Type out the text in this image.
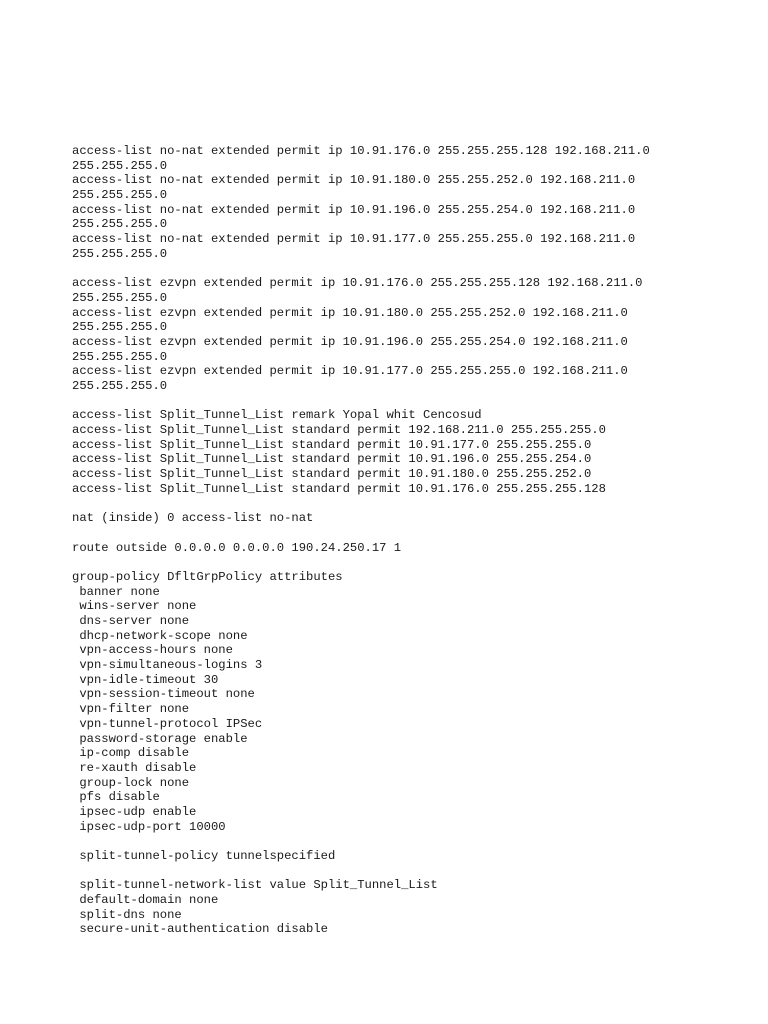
access-list no-nat extended permit ip 10.91.176.0 255.255.255.128 192.168.211.0
255.255.255.0
access-list no-nat extended permit ip 10.91.180.0 255.255.252.0 192.168.211.0
255.255.255.0
access-list no-nat extended permit ip 10.91.196.0 255.255.254.0 192.168.211.0
255.255.255.0
access-list no-nat extended permit ip 10.91.177.0 255.255.255.0 192.168.211.0
255.255.255.0
access-list ezvpn extended permit ip 10.91.176.0 255.255.255.128 192.168.211.0
255.255.255.0
access-list ezvpn extended permit ip 10.91.180.0 255.255.252.0 192.168.211.0
255.255.255.0
access-list ezvpn extended permit ip 10.91.196.0 255.255.254.0 192.168.211.0
255.255.255.0
access-list ezvpn extended permit ip 10.91.177.0 255.255.255.0 192.168.211.0
255.255.255.0
access-list Split_Tunnel_List remark Yopal whit Cencosud
access-list Split_Tunnel_List standard permit 192.168.211.0 255.255.255.0
access-list Split_Tunnel_List standard permit 10.91.177.0 255.255.255.0
access-list Split_Tunnel_List standard permit 10.91.196.0 255.255.254.0
access-list Split_Tunnel_List standard permit 10.91.180.0 255.255.252.0
access-list Split_Tunnel_List standard permit 10.91.176.0 255.255.255.128
nat (inside) 0 access-list no-nat
route outside 0.0.0.0 0.0.0.0 190.24.250.17 1
group-policy DfltGrpPolicy attributes
banner none
wins-server none
dns-server none
dhcp-network-scope none
vpn-access-hours none
vpn-simultaneous-logins 3
vpn-idle-timeout 30
vpn-session-timeout none
vpn-filter none
vpn-tunnel-protocol IPSec
password-storage enable
ip-comp disable
re-xauth disable
group-lock none
pfs disable
ipsec-udp enable
ipsec-udp-port 10000
split-tunnel-policy tunnelspecified
split-tunnel-network-list value Split_Tunnel_List
default-domain none
split-dns none
secure-unit-authentication disable
